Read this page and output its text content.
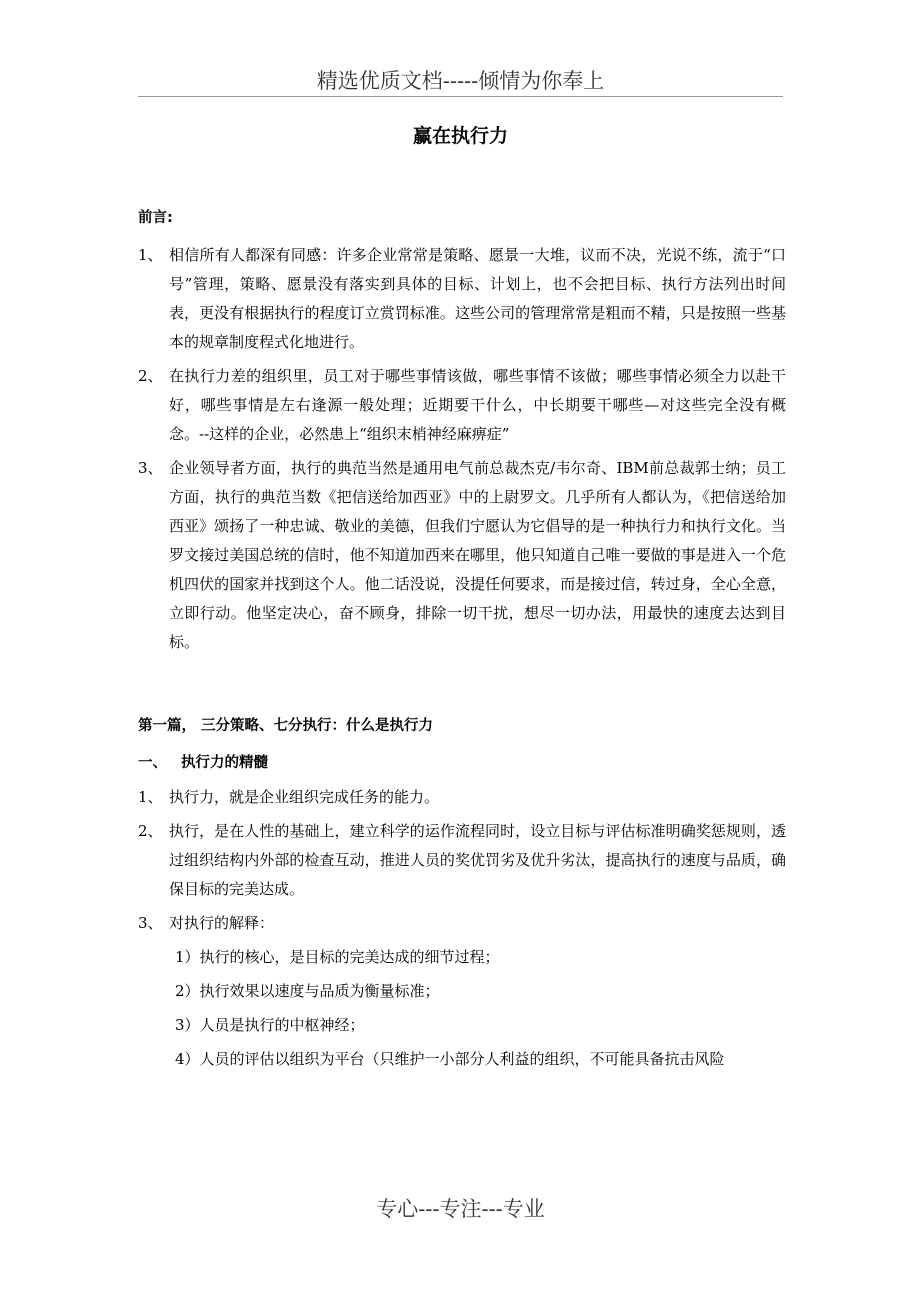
精选优质文档-----倾情为你奉上
赢在执行力
前言:
1、 相信所有人都深有同感：许多企业常常是策略、愿景一大堆，议而不决，光说不练，流于“口号”管理，策略、愿景没有落实到具体的目标、计划上，也不会把目标、执行方法列出时间表，更没有根据执行的程度订立赏罚标准。这些公司的管理常常是粗而不精，只是按照一些基本的规章制度程式化地进行。
2、 在执行力差的组织里，员工对于哪些事情该做，哪些事情不该做；哪些事情必须全力以赴干好，哪些事情是左右逢源一般处理；近期要干什么，中长期要干哪些—对这些完全没有概念。--这样的企业，必然患上“组织末梢神经麻痹症”
3、 企业领导者方面，执行的典范当然是通用电气前总裁杰克/韦尔奇、IBM前总裁郭士纳；员工方面，执行的典范当数《把信送给加西亚》中的上尉罗文。几乎所有人都认为，《把信送给加西亚》颂扬了一种忠诚、敬业的美德，但我们宁愿认为它倡导的是一种执行力和执行文化。当罗文接过美国总统的信时，他不知道加西来在哪里，他只知道自己唯一要做的事是进入一个危机四伏的国家并找到这个人。他二话没说，没提任何要求，而是接过信，转过身，全心全意，立即行动。他坚定决心，奋不顾身，排除一切干扰，想尽一切办法，用最快的速度去达到目标。
第一篇， 三分策略、七分执行：什么是执行力
一、 执行力的精髓
1、 执行力，就是企业组织完成任务的能力。
2、 执行，是在人性的基础上，建立科学的运作流程同时，设立目标与评估标准明确奖惩规则，透过组织结构内外部的检查互动，推进人员的奖优罚劣及优升劣汰，提高执行的速度与品质，确保目标的完美达成。
3、 对执行的解释：
1）执行的核心，是目标的完美达成的细节过程；
2）执行效果以速度与品质为衡量标准；
3）人员是执行的中枢神经；
4）人员的评估以组织为平台（只维护一小部分人利益的组织，不可能具备抗击风险
专心---专注---专业
